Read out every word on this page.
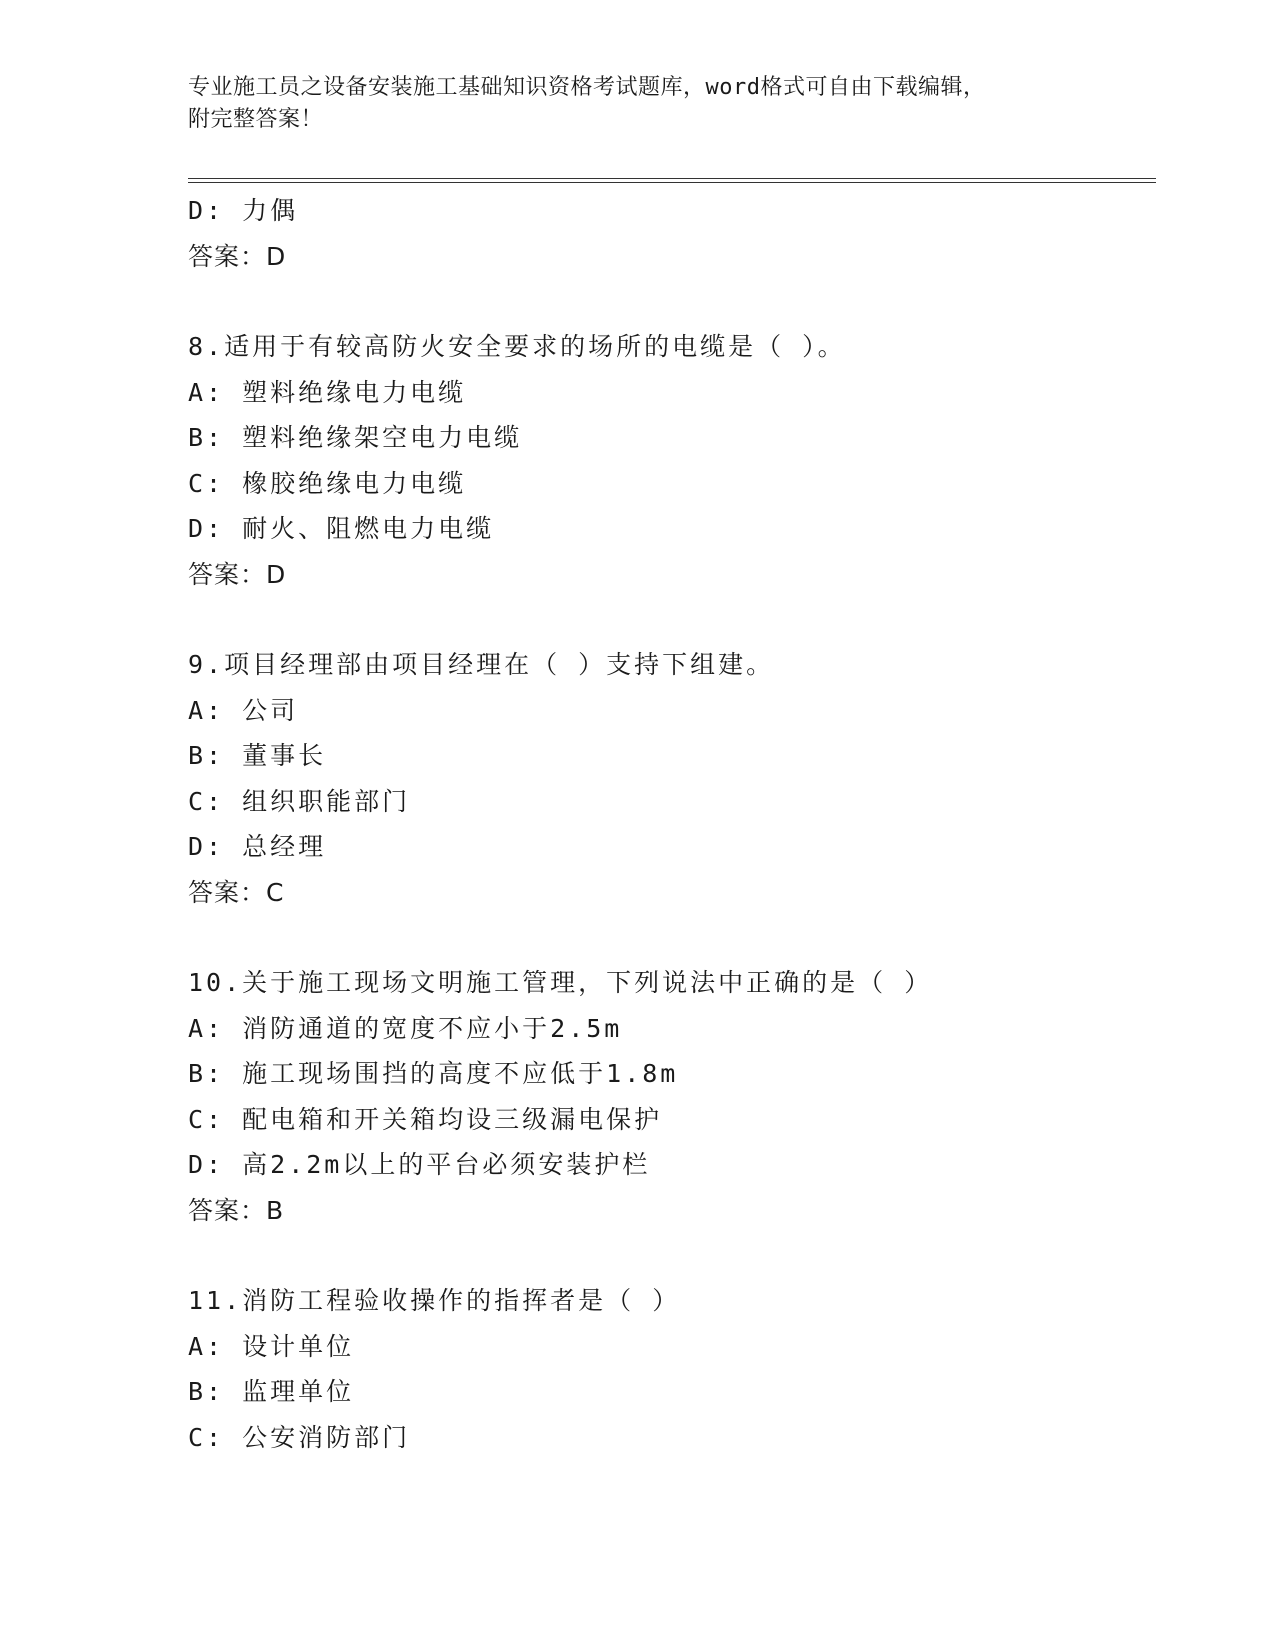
专业施工员之设备安装施工基础知识资格考试题库，word格式可自由下载编辑，
附完整答案！
D: 力偶
答案：D
8.适用于有较高防火安全要求的场所的电缆是（ ）。
A: 塑料绝缘电力电缆
B: 塑料绝缘架空电力电缆
C: 橡胶绝缘电力电缆
D: 耐火、阻燃电力电缆
答案：D
9.项目经理部由项目经理在（ ）支持下组建。
A: 公司
B: 董事长
C: 组织职能部门
D: 总经理
答案：C
10.关于施工现场文明施工管理，下列说法中正确的是（ ）
A: 消防通道的宽度不应小于2.5m
B: 施工现场围挡的高度不应低于1.8m
C: 配电箱和开关箱均设三级漏电保护
D: 高2.2m以上的平台必须安装护栏
答案：B
11.消防工程验收操作的指挥者是（ ）
A: 设计单位
B: 监理单位
C: 公安消防部门
